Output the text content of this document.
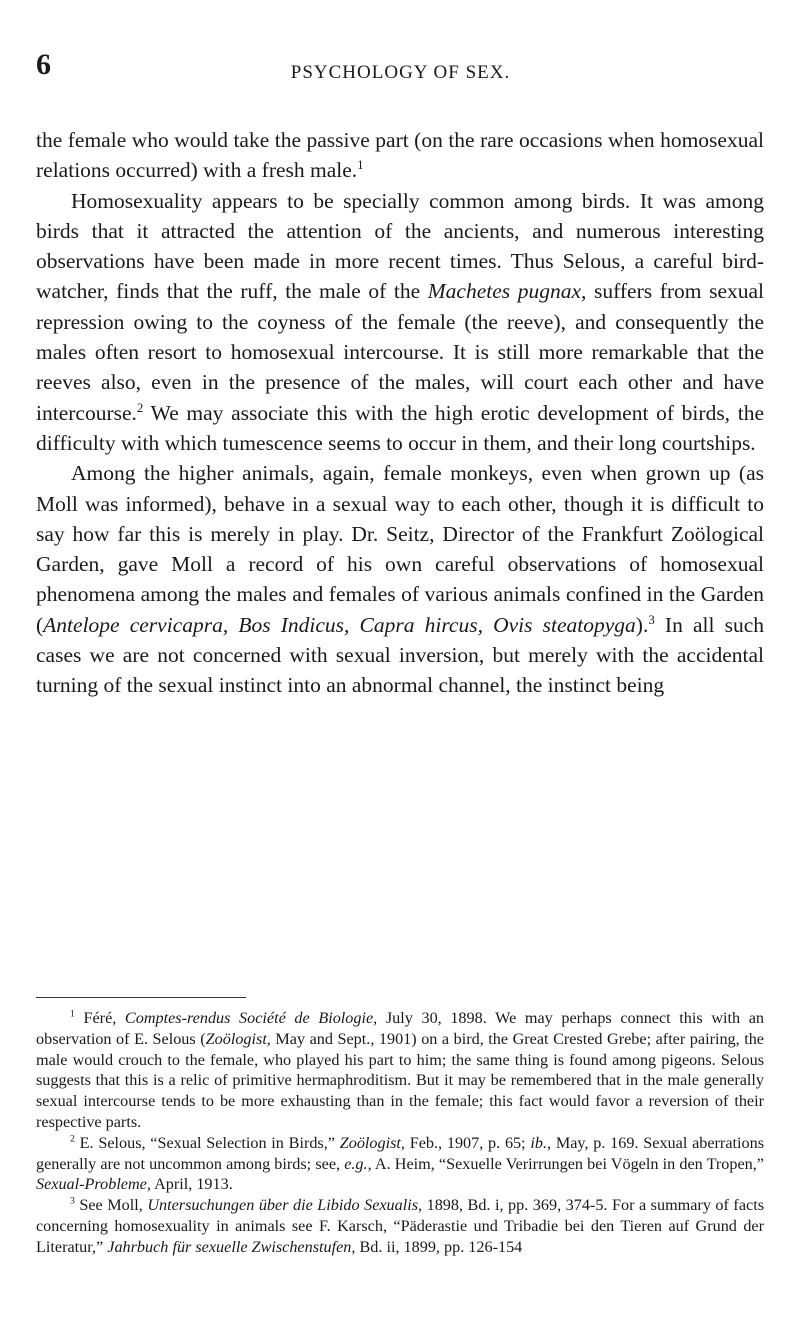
6	PSYCHOLOGY OF SEX.

the female who would take the passive part (on the rare occasions when homosexual relations occurred) with a fresh male.$^1$

Homosexuality appears to be specially common among birds. It was among birds that it attracted the attention of the ancients, and numerous interesting observations have been made in more recent times. Thus Selous, a careful bird-watcher, finds that the ruff, the male of the Machetes pugnax, suffers from sexual repression owing to the coyness of the female (the reeve), and consequently the males often resort to homosexual intercourse. It is still more remarkable that the reeves also, even in the presence of the males, will court each other and have intercourse.$^2$ We may associate this with the high erotic development of birds, the difficulty with which tumescence seems to occur in them, and their long courtships.

Among the higher animals, again, female monkeys, even when grown up (as Moll was informed), behave in a sexual way to each other, though it is difficult to say how far this is merely in play. Dr. Seitz, Director of the Frankfurt Zoölogical Garden, gave Moll a record of his own careful observations of homosexual phenomena among the males and females of various animals confined in the Garden (Antelope cervicapra, Bos Indicus, Capra hircus, Ovis steatopyga).$^3$ In all such cases we are not concerned with sexual inversion, but merely with the accidental turning of the sexual instinct into an abnormal channel, the instinct being

$^1$ Féré, Comptes-rendus Société de Biologie, July 30, 1898. We may perhaps connect this with an observation of E. Selous (Zoölogist, May and Sept., 1901) on a bird, the Great Crested Grebe; after pairing, the male would crouch to the female, who played his part to him; the same thing is found among pigeons. Selous suggests that this is a relic of primitive hermaphroditism. But it may be remembered that in the male generally sexual intercourse tends to be more exhausting than in the female; this fact would favor a reversion of their respective parts.

$^2$ E. Selous, “Sexual Selection in Birds,” Zoölogist, Feb., 1907, p. 65; ib., May, p. 169. Sexual aberrations generally are not uncommon among birds; see, e.g., A. Heim, “Sexuelle Verirrungen bei Vögeln in den Tropen,” Sexual-Probleme, April, 1913.

$^3$ See Moll, Untersuchungen über die Libido Sexualis, 1898, Bd. i, pp. 369, 374-5. For a summary of facts concerning homosexuality in animals see F. Karsch, “Päderastie und Tribadie bei den Tieren auf Grund der Literatur,” Jahrbuch für sexuelle Zwischenstufen, Bd. ii, 1899, pp. 126-154
